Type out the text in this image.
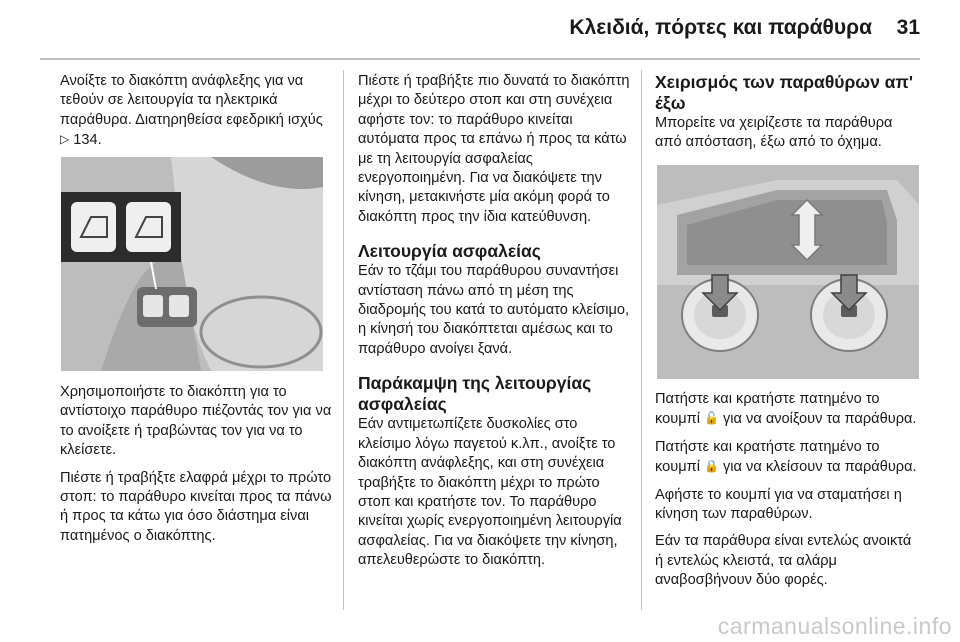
Κλειδιά, πόρτες και παράθυρα 31

Ανοίξτε το διακόπτη ανάφλεξης για να τεθούν σε λειτουργία τα ηλεκτρικά παράθυρα. Διατηρηθείσα εφεδρική ισχύς ▷ 134.

Χρησιμοποιήστε το διακόπτη για το αντίστοιχο παράθυρο πιέζοντάς τον για να το ανοίξετε ή τραβώντας τον για να το κλείσετε.

Πιέστε ή τραβήξτε ελαφρά μέχρι το πρώτο στοπ: το παράθυρο κινείται προς τα πάνω ή προς τα κάτω για όσο διάστημα είναι πατημένος ο διακόπτης.

Πιέστε ή τραβήξτε πιο δυνατά το διακόπτη μέχρι το δεύτερο στοπ και στη συνέχεια αφήστε τον: το παράθυρο κινείται αυτόματα προς τα επάνω ή προς τα κάτω με τη λειτουργία ασφαλείας ενεργοποιημένη. Για να διακόψετε την κίνηση, μετακινήστε μία ακόμη φορά το διακόπτη προς την ίδια κατεύθυνση.

Λειτουργία ασφαλείας

Εάν το τζάμι του παράθυρου συναντήσει αντίσταση πάνω από τη μέση της διαδρομής του κατά το αυτόματο κλείσιμο, η κίνησή του διακόπτεται αμέσως και το παράθυρο ανοίγει ξανά.

Παράκαμψη της λειτουργίας ασφαλείας

Εάν αντιμετωπίζετε δυσκολίες στο κλείσιμο λόγω παγετού κ.λπ., ανοίξτε το διακόπτη ανάφλεξης, και στη συνέχεια τραβήξτε το διακόπτη μέχρι το πρώτο στοπ και κρατήστε τον. Το παράθυρο κινείται χωρίς ενεργοποιημένη λειτουργία ασφαλείας. Για να διακόψετε την κίνηση, απελευθερώστε το διακόπτη.

Χειρισμός των παραθύρων απ' έξω

Μπορείτε να χειρίζεστε τα παράθυρα από απόσταση, έξω από το όχημα.

Πατήστε και κρατήστε πατημένο το κουμπί 🔓 για να ανοίξουν τα παράθυρα.

Πατήστε και κρατήστε πατημένο το κουμπί 🔒 για να κλείσουν τα παράθυρα.

Αφήστε το κουμπί για να σταματήσει η κίνηση των παραθύρων.

Εάν τα παράθυρα είναι εντελώς ανοικτά ή εντελώς κλειστά, τα αλάρμ αναβοσβήνουν δύο φορές.

carmanualsonline.info
